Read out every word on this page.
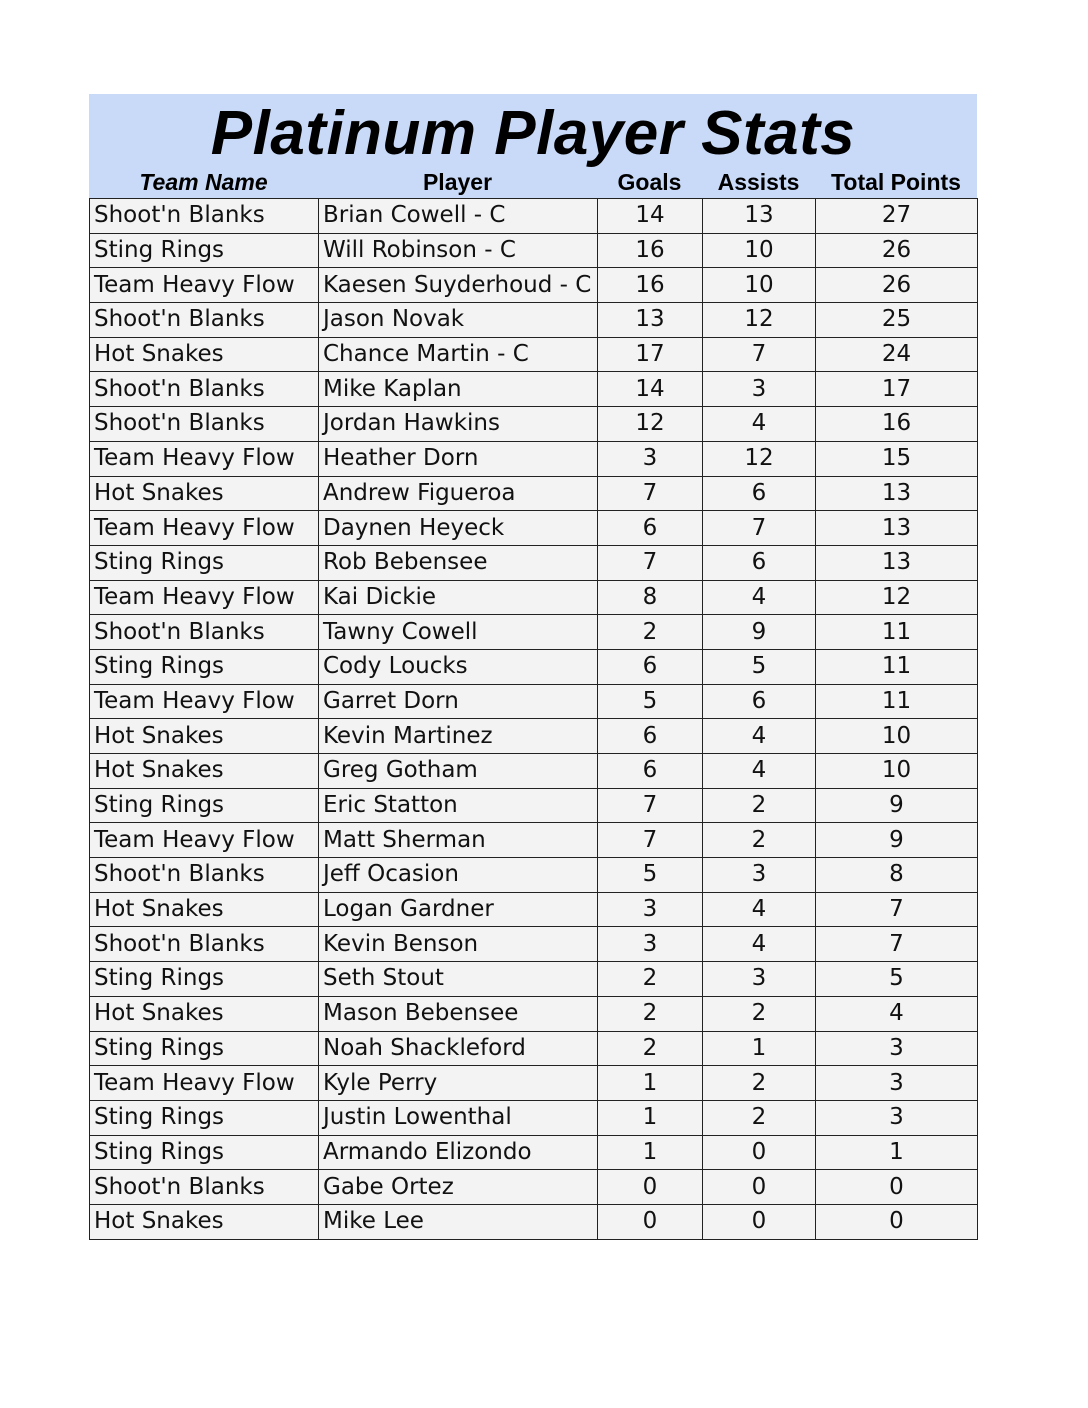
Platinum Player Stats
Team Name	Player	Goals	Assists	Total Points
Shoot'n Blanks	Brian Cowell - C	14	13	27
Sting Rings	Will Robinson - C	16	10	26
Team Heavy Flow	Kaesen Suyderhoud - C	16	10	26
Shoot'n Blanks	Jason Novak	13	12	25
Hot Snakes	Chance Martin - C	17	7	24
Shoot'n Blanks	Mike Kaplan	14	3	17
Shoot'n Blanks	Jordan Hawkins	12	4	16
Team Heavy Flow	Heather Dorn	3	12	15
Hot Snakes	Andrew Figueroa	7	6	13
Team Heavy Flow	Daynen Heyeck	6	7	13
Sting Rings	Rob Bebensee	7	6	13
Team Heavy Flow	Kai Dickie	8	4	12
Shoot'n Blanks	Tawny Cowell	2	9	11
Sting Rings	Cody Loucks	6	5	11
Team Heavy Flow	Garret Dorn	5	6	11
Hot Snakes	Kevin Martinez	6	4	10
Hot Snakes	Greg Gotham	6	4	10
Sting Rings	Eric Statton	7	2	9
Team Heavy Flow	Matt Sherman	7	2	9
Shoot'n Blanks	Jeff Ocasion	5	3	8
Hot Snakes	Logan Gardner	3	4	7
Shoot'n Blanks	Kevin Benson	3	4	7
Sting Rings	Seth Stout	2	3	5
Hot Snakes	Mason Bebensee	2	2	4
Sting Rings	Noah Shackleford	2	1	3
Team Heavy Flow	Kyle Perry	1	2	3
Sting Rings	Justin Lowenthal	1	2	3
Sting Rings	Armando Elizondo	1	0	1
Shoot'n Blanks	Gabe Ortez	0	0	0
Hot Snakes	Mike Lee	0	0	0
